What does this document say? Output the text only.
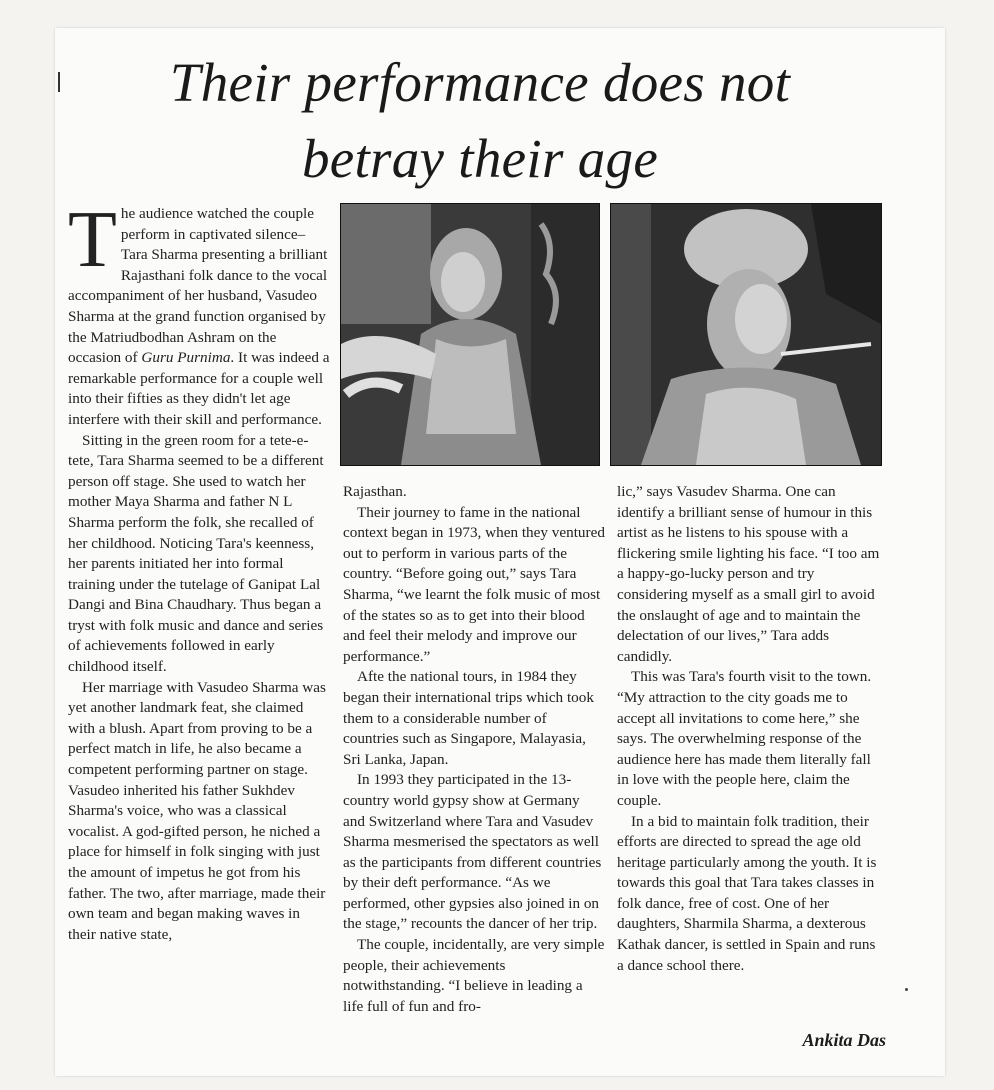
Their performance does not betray their age

The audience watched the couple perform in captivated silence– Tara Sharma presenting a brilliant Rajasthani folk dance to the vocal accompaniment of her husband, Vasudeo Sharma at the grand function organised by the Matriudbodhan Ashram on the occasion of Guru Purnima. It was indeed a remarkable performance for a couple well into their fifties as they didn't let age interfere with their skill and performance.

Sitting in the green room for a tete-e-tete, Tara Sharma seemed to be a different person off stage. She used to watch her mother Maya Sharma and father N L Sharma perform the folk, she recalled of her childhood. Noticing Tara's keenness, her parents initiated her into formal training under the tutelage of Ganipat Lal Dangi and Bina Chaudhary. Thus began a tryst with folk music and dance and series of achievements followed in early childhood itself.

Her marriage with Vasudeo Sharma was yet another landmark feat, she claimed with a blush. Apart from proving to be a perfect match in life, he also became a competent performing partner on stage. Vasudeo inherited his father Sukhdev Sharma's voice, who was a classical vocalist. A god-gifted person, he niched a place for himself in folk singing with just the amount of impetus he got from his father. The two, after marriage, made their own team and began making waves in their native state,

Rajasthan.

Their journey to fame in the national context began in 1973, when they ventured out to perform in various parts of the country. “Before going out,” says Tara Sharma, “we learnt the folk music of most of the states so as to get into their blood and feel their melody and improve our performance.”

Afte the national tours, in 1984 they began their international trips which took them to a considerable number of countries such as Singapore, Malayasia, Sri Lanka, Japan.

In 1993 they participated in the 13-country world gypsy show at Germany and Switzerland where Tara and Vasudev Sharma mesmerised the spectators as well as the participants from different countries by their deft performance. “As we performed, other gypsies also joined in on the stage,” recounts the dancer of her trip.

The couple, incidentally, are very simple people, their achievements notwithstanding. “I believe in leading a life full of fun and fro-

lic,” says Vasudev Sharma. One can identify a brilliant sense of humour in this artist as he listens to his spouse with a flickering smile lighting his face. “I too am a happy-go-lucky person and try considering myself as a small girl to avoid the onslaught of age and to maintain the delectation of our lives,” Tara adds candidly.

This was Tara's fourth visit to the town. “My attraction to the city goads me to accept all invitations to come here,” she says. The overwhelming response of the audience here has made them literally fall in love with the people here, claim the couple.

In a bid to maintain folk tradition, their efforts are directed to spread the age old heritage particularly among the youth. It is towards this goal that Tara takes classes in folk dance, free of cost. One of her daughters, Sharmila Sharma, a dexterous Kathak dancer, is settled in Spain and runs a dance school there.

Ankita Das
